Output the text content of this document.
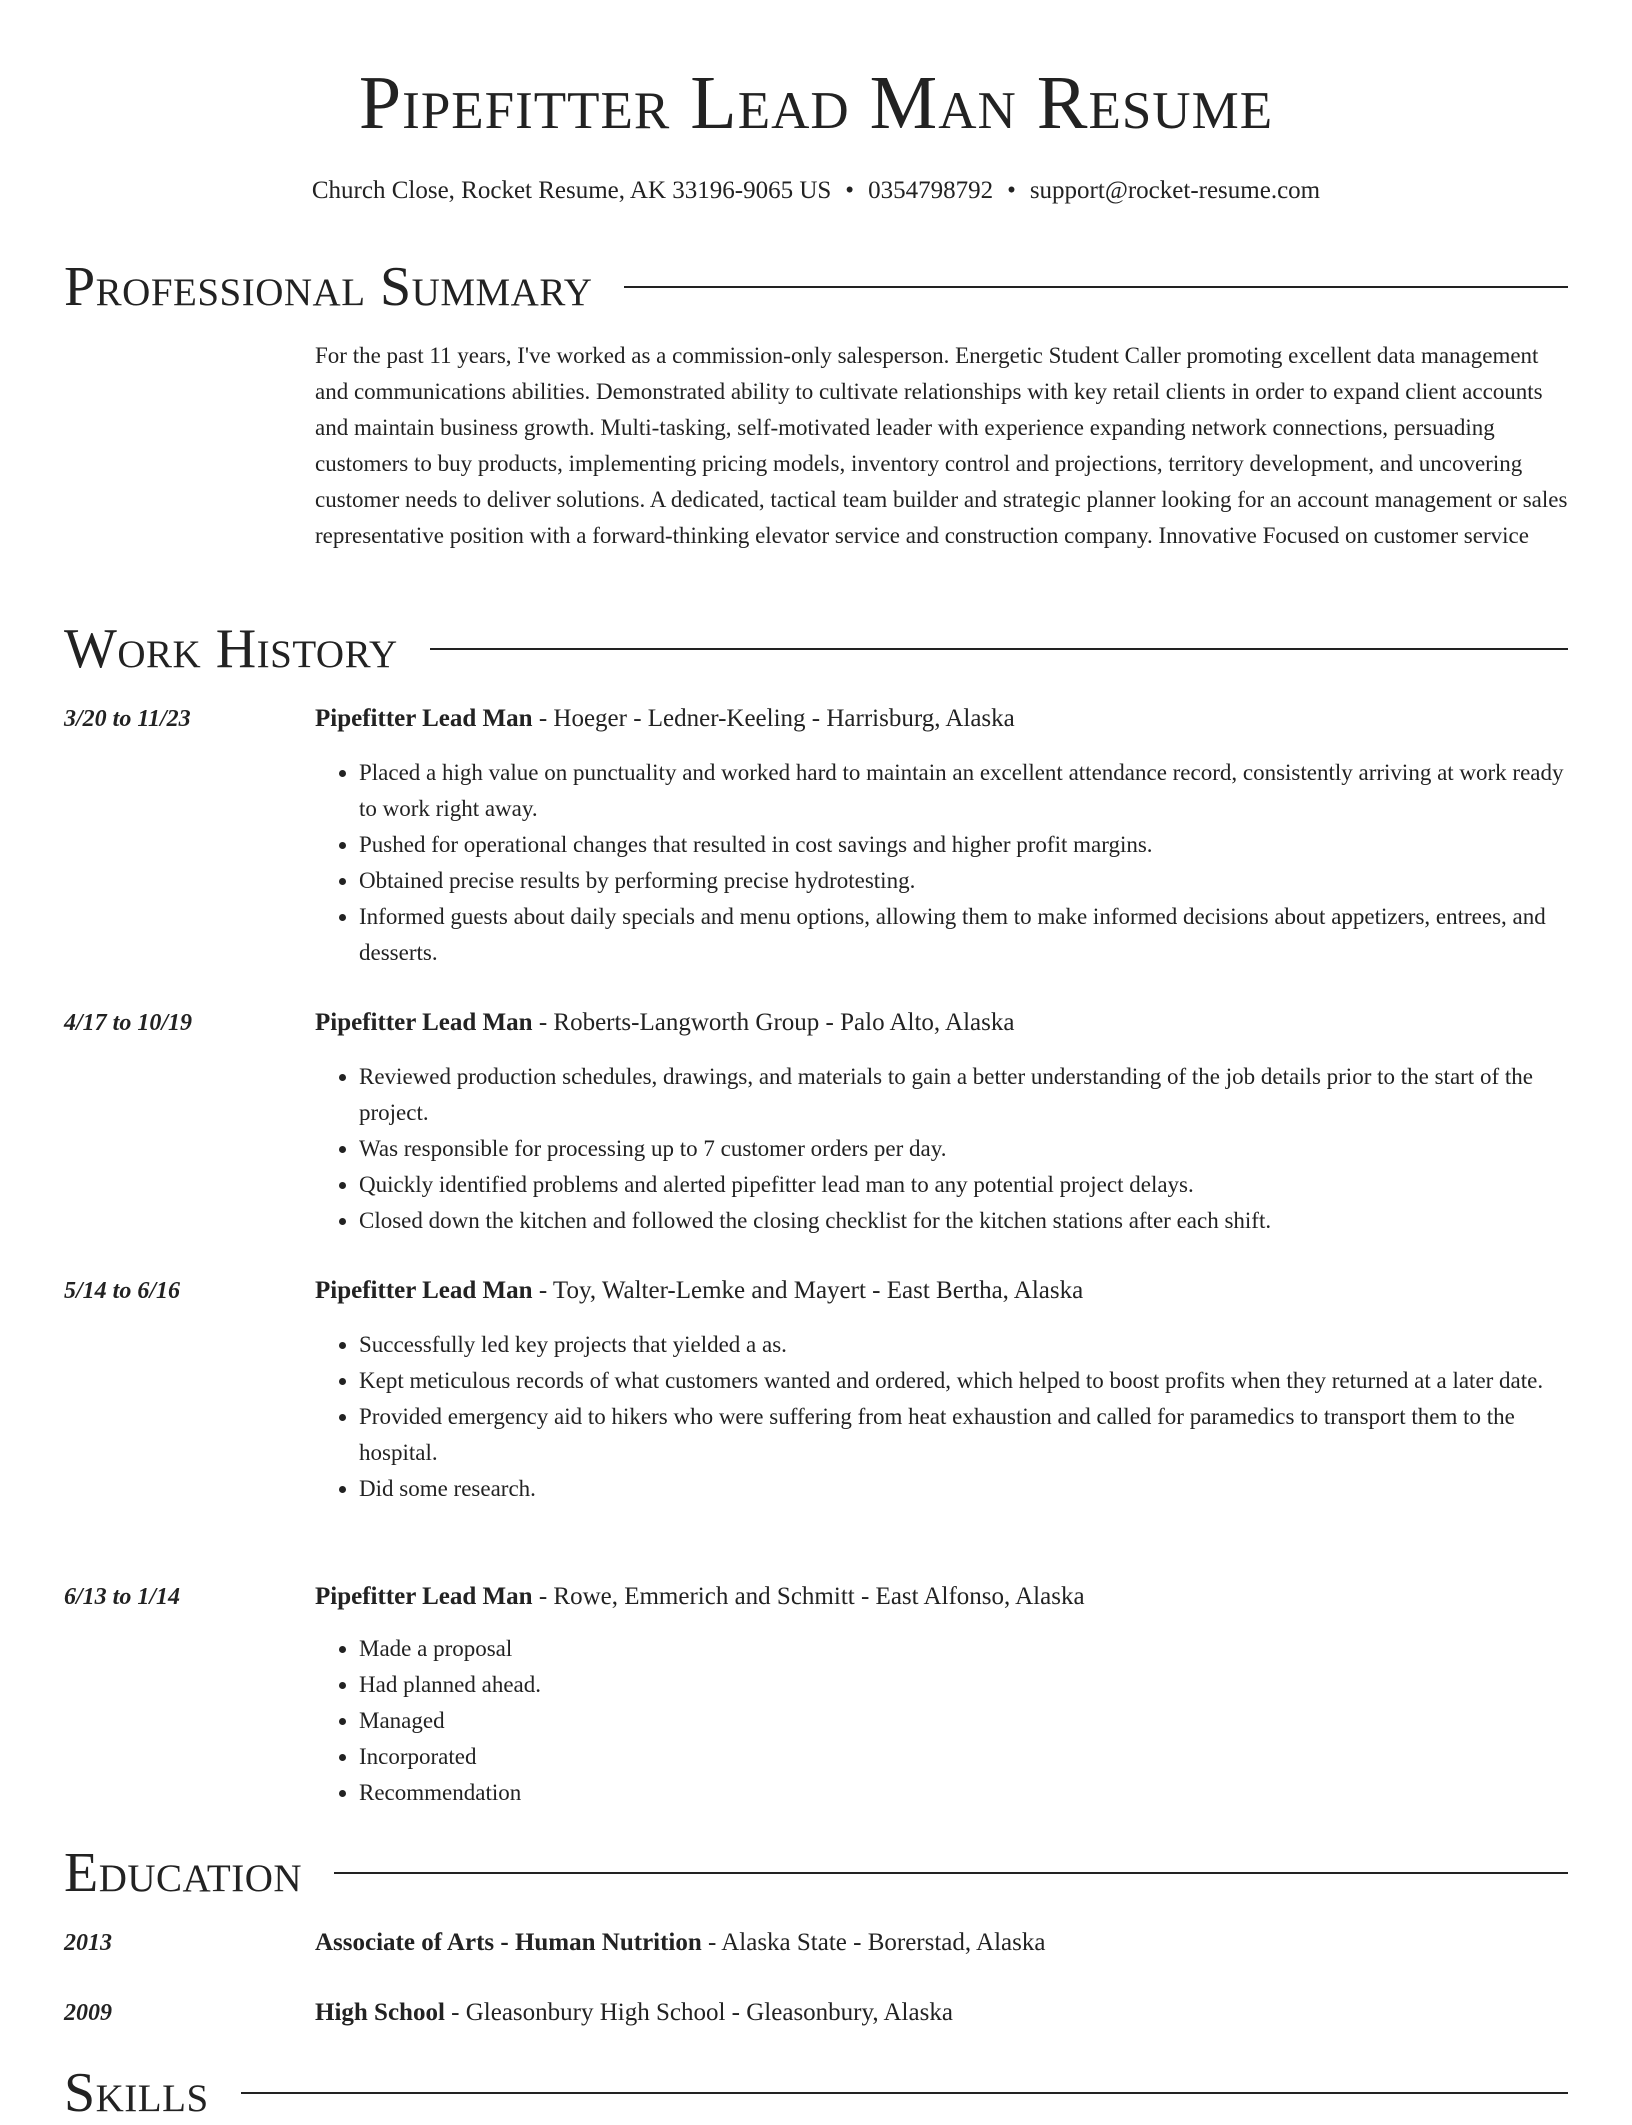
Pipefitter Lead Man Resume
Church Close, Rocket Resume, AK 33196-9065 US • 0354798792 • support@rocket-resume.com
Professional Summary
For the past 11 years, I've worked as a commission-only salesperson. Energetic Student Caller promoting excellent data management and communications abilities. Demonstrated ability to cultivate relationships with key retail clients in order to expand client accounts and maintain business growth. Multi-tasking, self-motivated leader with experience expanding network connections, persuading customers to buy products, implementing pricing models, inventory control and projections, territory development, and uncovering customer needs to deliver solutions. A dedicated, tactical team builder and strategic planner looking for an account management or sales representative position with a forward-thinking elevator service and construction company. Innovative Focused on customer service
Work History
3/20 to 11/23	Pipefitter Lead Man - Hoeger - Ledner-Keeling - Harrisburg, Alaska
• Placed a high value on punctuality and worked hard to maintain an excellent attendance record, consistently arriving at work ready to work right away.
• Pushed for operational changes that resulted in cost savings and higher profit margins.
• Obtained precise results by performing precise hydrotesting.
• Informed guests about daily specials and menu options, allowing them to make informed decisions about appetizers, entrees, and desserts.
4/17 to 10/19	Pipefitter Lead Man - Roberts-Langworth Group - Palo Alto, Alaska
• Reviewed production schedules, drawings, and materials to gain a better understanding of the job details prior to the start of the project.
• Was responsible for processing up to 7 customer orders per day.
• Quickly identified problems and alerted pipefitter lead man to any potential project delays.
• Closed down the kitchen and followed the closing checklist for the kitchen stations after each shift.
5/14 to 6/16	Pipefitter Lead Man - Toy, Walter-Lemke and Mayert - East Bertha, Alaska
• Successfully led key projects that yielded a as.
• Kept meticulous records of what customers wanted and ordered, which helped to boost profits when they returned at a later date.
• Provided emergency aid to hikers who were suffering from heat exhaustion and called for paramedics to transport them to the hospital.
• Did some research.
6/13 to 1/14	Pipefitter Lead Man - Rowe, Emmerich and Schmitt - East Alfonso, Alaska
• Made a proposal
• Had planned ahead.
• Managed
• Incorporated
• Recommendation
Education
2013	Associate of Arts - Human Nutrition - Alaska State - Borerstad, Alaska
2009	High School - Gleasonbury High School - Gleasonbury, Alaska
Skills
